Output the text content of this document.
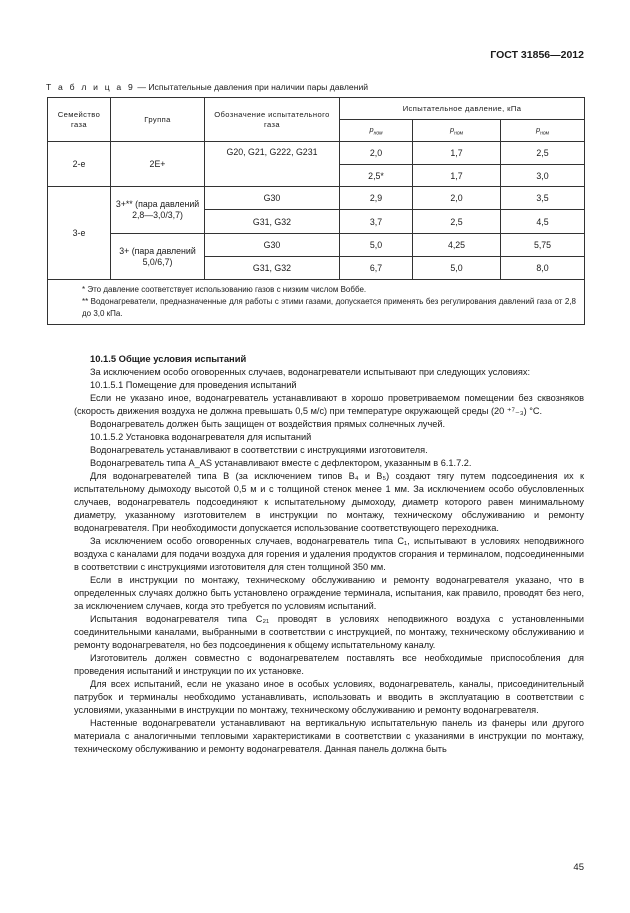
ГОСТ 31856—2012
Т а б л и ц а 9 — Испытательные давления при наличии пары давлений
Семейство газа	Группа	Обозначение испытательного газа	Испытательное давление, кПа		
			$p_{ном}$	$p_{ном}$	$p_{ном}$
2-е	2Е+	G20, G21, G222, G231	2,0	1,7	2,5
			2,5*	1,7	3,0
3-е	3+** (пара давлений 2,8—3,0/3,7)	G30	2,9	2,0	3,5
		G31, G32	3,7	2,5	4,5
	3+ (пара давлений 5,0/6,7)	G30	5,0	4,25	5,75
		G31, G32	6,7	5,0	8,0

* Это давление соответствует использованию газов с низким числом Воббе.

** Водонагреватели, предназначенные для работы с этими газами, допускается применять без регулирования давлений газа от 2,8 до 3,0 кПа.					

10.1.5 Общие условия испытаний

За исключением особо оговоренных случаев, водонагреватели испытывают при следующих условиях:

10.1.5.1 Помещение для проведения испытаний

Если не указано иное, водонагреватель устанавливают в хорошо проветриваемом помещении без сквозняков (скорость движения воздуха не должна превышать 0,5 м/с) при температуре окружающей среды (20 ⁺⁷₋₃) °С.

Водонагреватель должен быть защищен от воздействия прямых солнечных лучей.

10.1.5.2 Установка водонагревателя для испытаний

Водонагреватель устанавливают в соответствии с инструкциями изготовителя.

Водонагреватель типа A_AS устанавливают вместе с дефлектором, указанным в 6.1.7.2.

Для водонагревателей типа B (за исключением типов B₄ и B₅) создают тягу путем подсоединения их к испытательному дымоходу высотой 0,5 м и с толщиной стенок менее 1 мм. За исключением особо обусловленных случаев, водонагреватель подсоединяют к испытательному дымоходу, диаметр которого равен минимальному диаметру, указанному изготовителем в инструкции по монтажу, техническому обслуживанию и ремонту водонагревателя. При необходимости допускается использование соответствующего переходника.

За исключением особо оговоренных случаев, водонагреватель типа C₁, испытывают в условиях неподвижного воздуха с каналами для подачи воздуха для горения и удаления продуктов сгорания и терминалом, подсоединенными в соответствии с инструкциями изготовителя для стен толщиной 350 мм.

Если в инструкции по монтажу, техническому обслуживанию и ремонту водонагревателя указано, что в определенных случаях должно быть установлено ограждение терминала, испытания, как правило, проводят без него, за исключением случаев, когда это требуется по условиям испытаний.

Испытания водонагревателя типа C₂₁ проводят в условиях неподвижного воздуха с установленными соединительными каналами, выбранными в соответствии с инструкцией, по монтажу, техническому обслуживанию и ремонту водонагревателя, но без подсоединения к общему испытательному каналу.

Изготовитель должен совместно с водонагревателем поставлять все необходимые приспособления для проведения испытаний и инструкции по их установке.

Для всех испытаний, если не указано иное в особых условиях, водонагреватель, каналы, присоединительный патрубок и терминалы необходимо устанавливать, использовать и вводить в эксплуатацию в соответствии с условиями, указанными в инструкции по монтажу, техническому обслуживанию и ремонту водонагревателя.

Настенные водонагреватели устанавливают на вертикальную испытательную панель из фанеры или другого материала с аналогичными тепловыми характеристиками в соответствии с указаниями в инструкции по монтажу, техническому обслуживанию и ремонту водонагревателя. Данная панель должна быть

45
